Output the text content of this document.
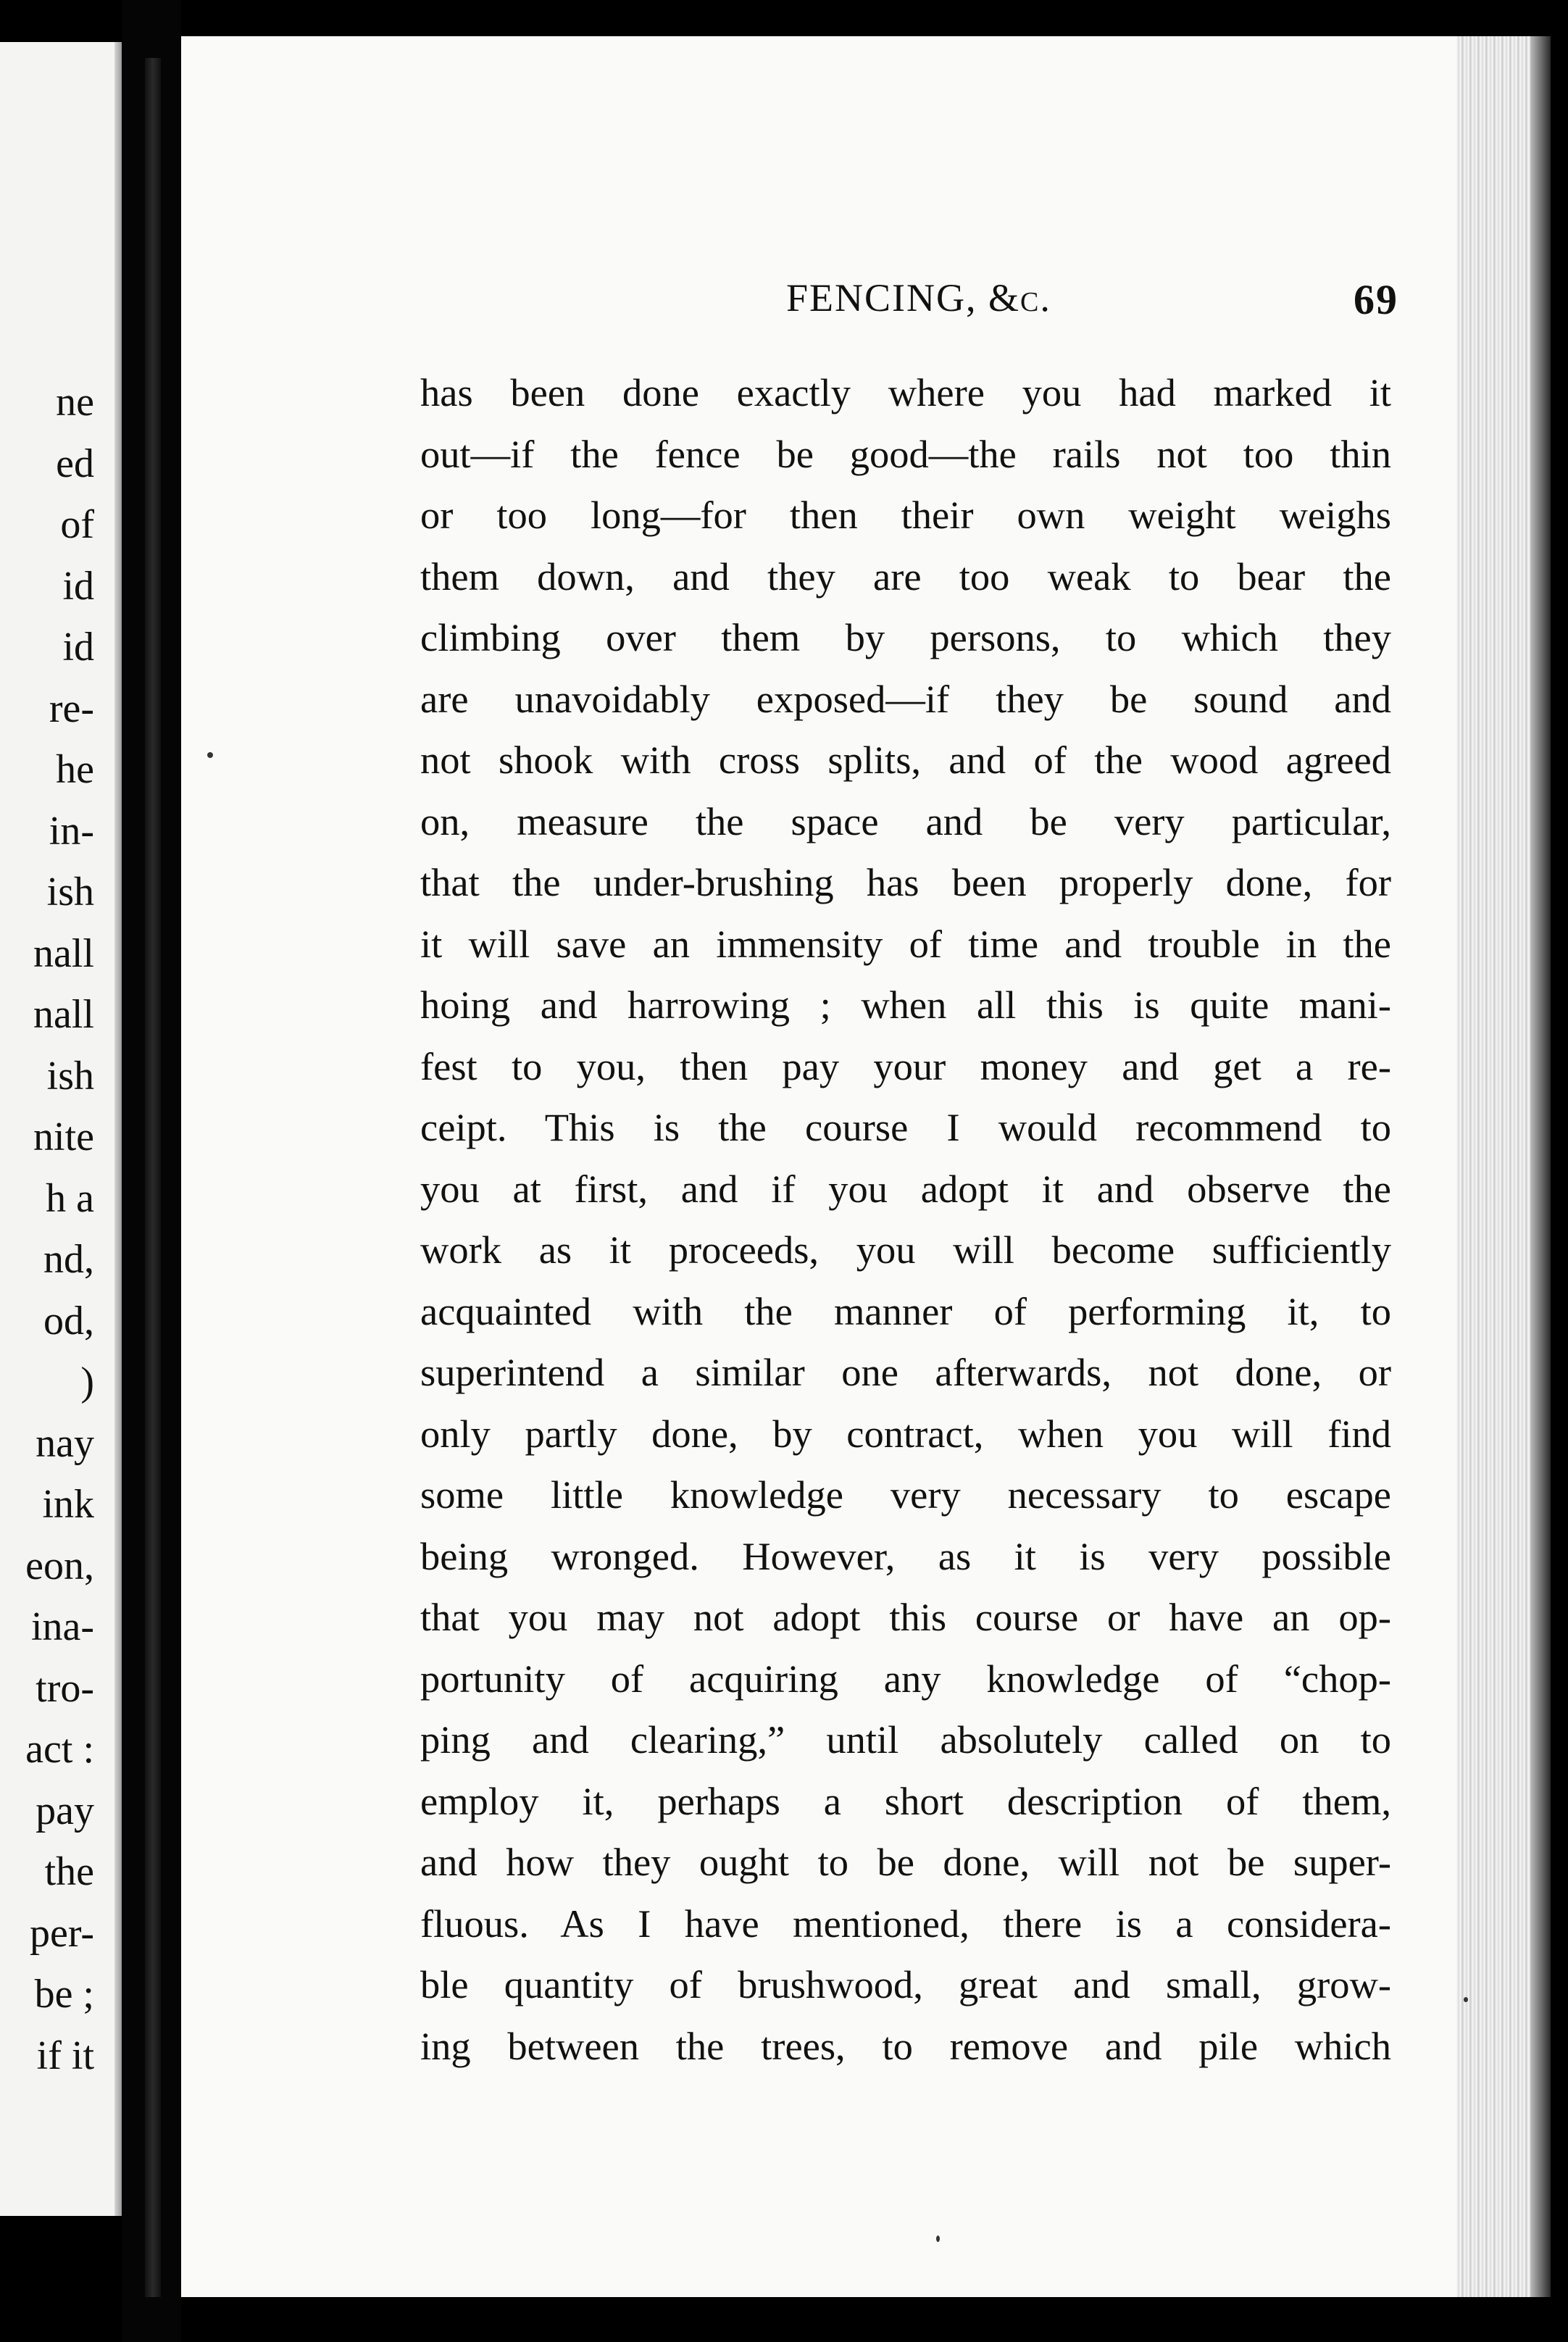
ne
ed
of
id
id
re-
he
in-
ish
nall
nall
ish
nite
h a
nd,
od,
)
nay
ink
eon,
ina-
tro-
act :
pay
the
per-
be ;
if it
FENCING, &c.	69
has been done exactly where you had marked it
out—if the fence be good—the rails not too thin
or too long—for then their own weight weighs
them down, and they are too weak to bear the
climbing over them by persons, to which they
are unavoidably exposed—if they be sound and
not shook with cross splits, and of the wood agreed
on, measure the space and be very particular,
that the under-brushing has been properly done, for
it will save an immensity of time and trouble in the
hoing and harrowing ; when all this is quite mani-
fest to you, then pay your money and get a re-
ceipt. This is the course I would recommend to
you at first, and if you adopt it and observe the
work as it proceeds, you will become sufficiently
acquainted with the manner of performing it, to
superintend a similar one afterwards, not done, or
only partly done, by contract, when you will find
some little knowledge very necessary to escape
being wronged. However, as it is very possible
that you may not adopt this course or have an op-
portunity of acquiring any knowledge of “chop-
ping and clearing,” until absolutely called on to
employ it, perhaps a short description of them,
and how they ought to be done, will not be super-
fluous. As I have mentioned, there is a considera-
ble quantity of brushwood, great and small, grow-
ing between the trees, to remove and pile which
